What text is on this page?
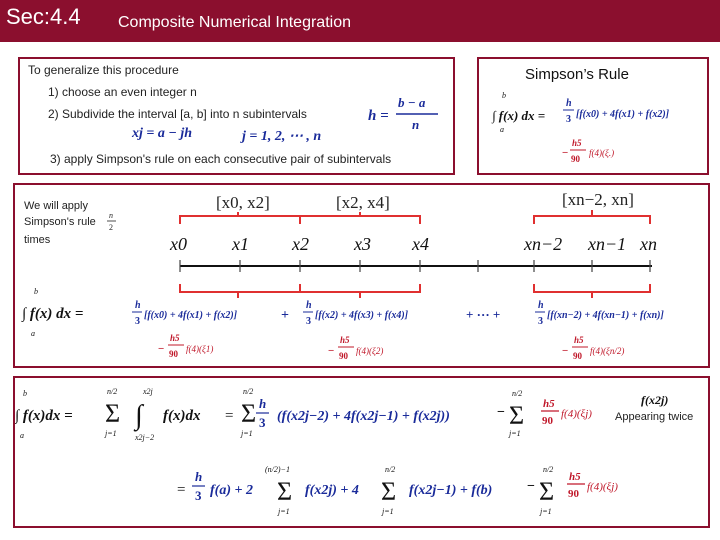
Sec:4.4 Composite Numerical Integration
To generalize this procedure
1) choose an even integer n
2) Subdivide the interval [a, b] into n subintervals
3) apply Simpson's rule on each consecutive pair of subintervals
h =
b − a
n
xj = a − jh	j = 1, 2, ⋯ , n
Simpson’s Rule
b
a
∫ f(x) dx =
h
3 [f(x0) + 4f(x1) + f(x2)]
−
h5
90
f(4)(ξ.)
We will apply
Simpson's rule
times
n
2
[x0, x2]	[x2, x4]	[xn−2, xn]
x0	x1 x2	x3 x4	xn−2 xn−1 xn
b
a
∫ f(x) dx =
h
3
[f(x0) + 4f(x1) + f(x2)]
−
h5
90 f(4)(ξ1)
+
h
3
[f(x2) + 4f(x3) + f(x4)]
−
h5
90 f(4)(ξ2)
+ ··· +
h
3
[f(xn−2) + 4f(xn−1) + f(xn)]
−
h5
90 f(4)(ξn/2)
b
a
∫ f(x)dx =
n/2
Σ
j=1
x2j
∫
x2j−2
f(x)dx =
n/2
Σ
j=1
h
3 (f(x2j−2) + 4f(x2j−1) + f(x2j))	−
n/2
Σ
j=1
h5
90
f(4)(ξj)
f(x2j)
Appearing twice
=
h
3 f(a) + 2
(n/2)−1
Σ
j=1
f(x2j) + 4
n/2
Σ
j=1
f(x2j−1) + f(b) −
n/2
Σ
j=1
h5
90
f(4)(ξj)
